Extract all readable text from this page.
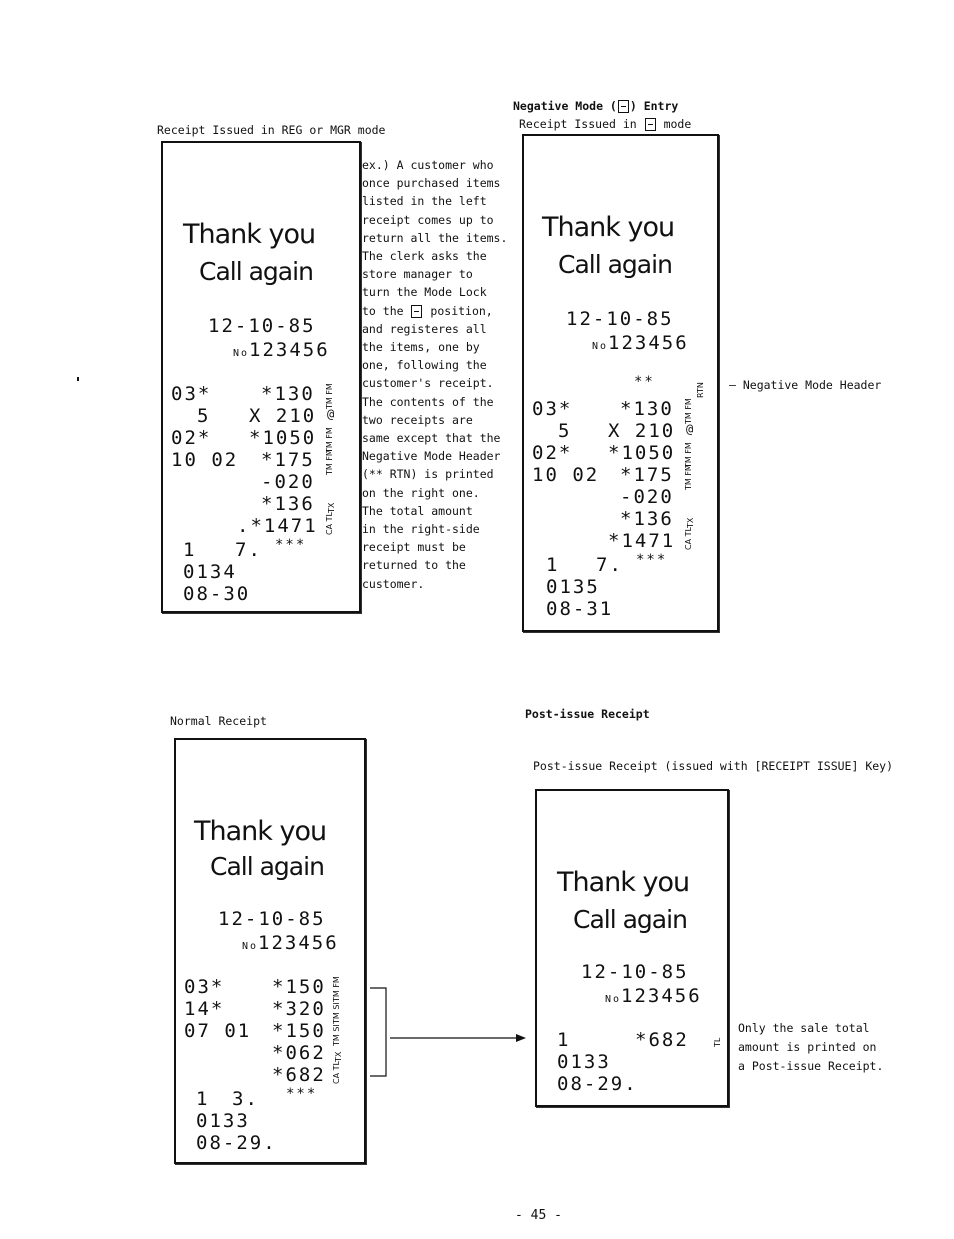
Negative Mode ( ) Entry
Receipt Issued in mode
Receipt Issued in REG or MGR mode
Normal Receipt	Post-issue Receipt
Post-issue Receipt (issued with [RECEIPT ISSUE] Key)
— Negative Mode Header
- 45 -
ex.) A customer who
once purchased items
listed in the left
receipt comes up to
return all the items.
The clerk asks the
store manager to
turn the Mode Lock
to the position,
and registeres all
the items, one by
one, following the
customer's receipt.
The contents of the
two receipts are
same except that the
Negative Mode Header
(** RTN) is printed
on the right one.
The total amount
in the right-side
receipt must be
returned to the
customer.
Only the sale total
amount is printed on
a Post-issue Receipt.
Thank you
Call again
12-10-85
No123456
03*	*130 TM FM
5 X 210 @
02* *1050 TM FM
10 02 *175 TM FM
-020
*136 TX
.*1471 CA TL
1 7. ***
0134
08-30
Thank you
Call again
12-10-85
No123456
**
RTN
03*	*130 TM FM
5 X 210 @
02* *1050 TM FM
10 02 *175 TM FM
-020
*136 TX
*1471 CA TL
1 7. ***
0135
08-31
Thank you
Call again
12-10-85
No123456
03*	*150 TM FM
14*	*320 TM SI
07 01 *150 TM SI
*062 TX
*682 CA TL
1 3. ***
0133
08-29.
Thank you
Call again
12-10-85
No123456
1	*682	TL
0133
08-29.
